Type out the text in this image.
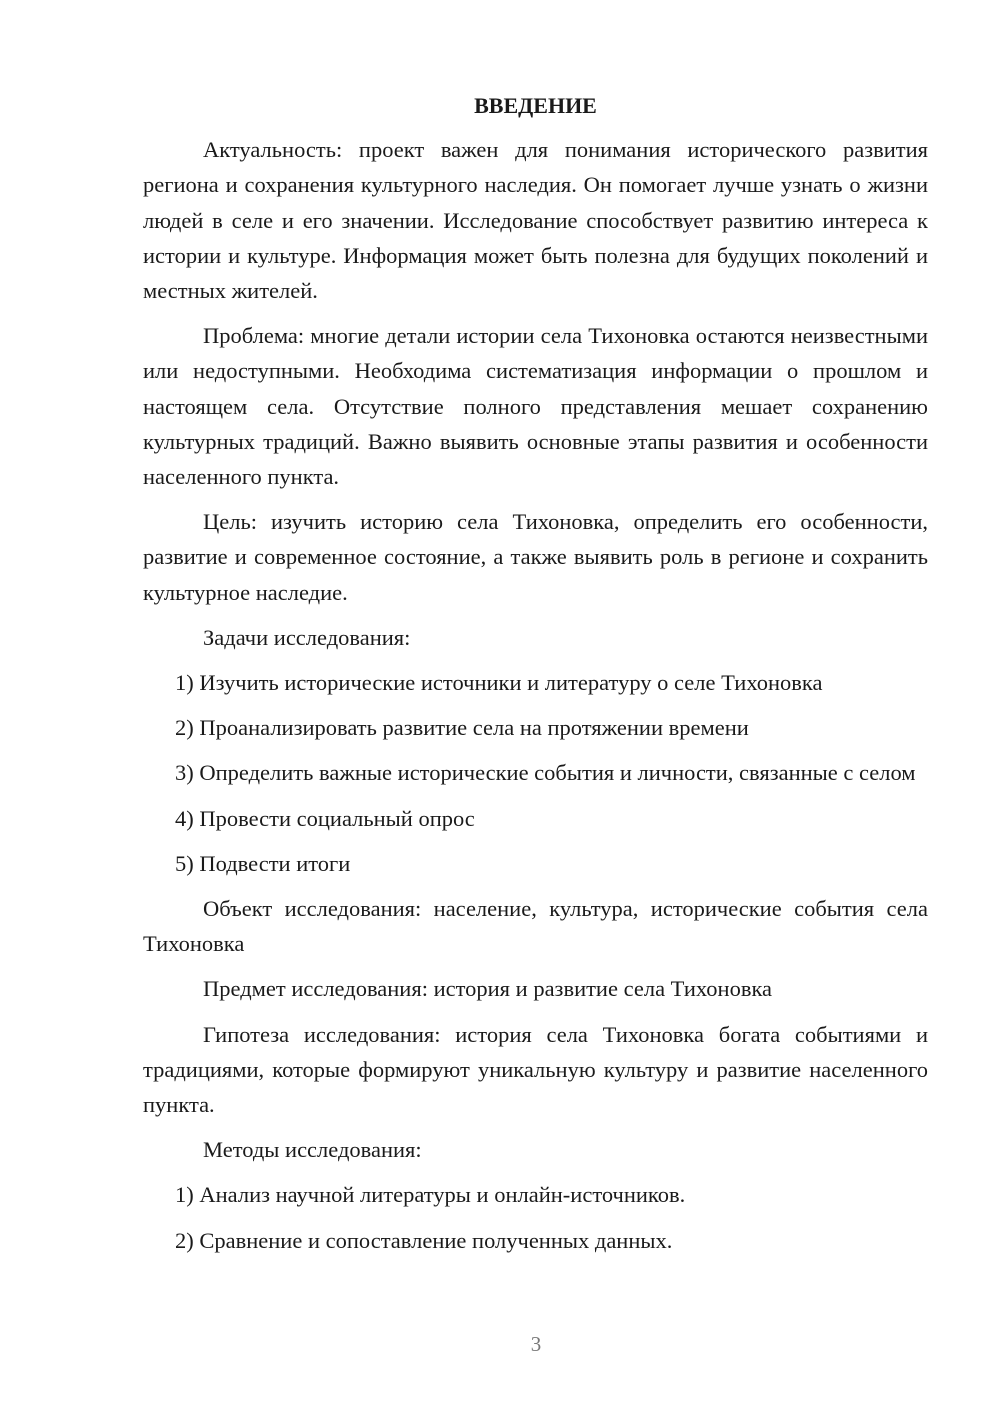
ВВЕДЕНИЕ

Актуальность: проект важен для понимания исторического развития региона и сохранения культурного наследия. Он помогает лучше узнать о жизни людей в селе и его значении. Исследование способствует развитию интереса к истории и культуре. Информация может быть полезна для будущих поколений и местных жителей.

Проблема: многие детали истории села Тихоновка остаются неизвестными или недоступными. Необходима систематизация информации о прошлом и настоящем села. Отсутствие полного представления мешает сохранению культурных традиций. Важно выявить основные этапы развития и особенности населенного пункта.

Цель: изучить историю села Тихоновка, определить его особенности, развитие и современное состояние, а также выявить роль в регионе и сохранить культурное наследие.

Задачи исследования:

1) Изучить исторические источники и литературу о селе Тихоновка

2) Проанализировать развитие села на протяжении времени

3) Определить важные исторические события и личности, связанные с селом

4) Провести социальный опрос

5) Подвести итоги

Объект исследования: население, культура, исторические события села Тихоновка

Предмет исследования: история и развитие села Тихоновка

Гипотеза исследования: история села Тихоновка богата событиями и традициями, которые формируют уникальную культуру и развитие населенного пункта.

Методы исследования:

1) Анализ научной литературы и онлайн-источников.

2) Сравнение и сопоставление полученных данных.

3
